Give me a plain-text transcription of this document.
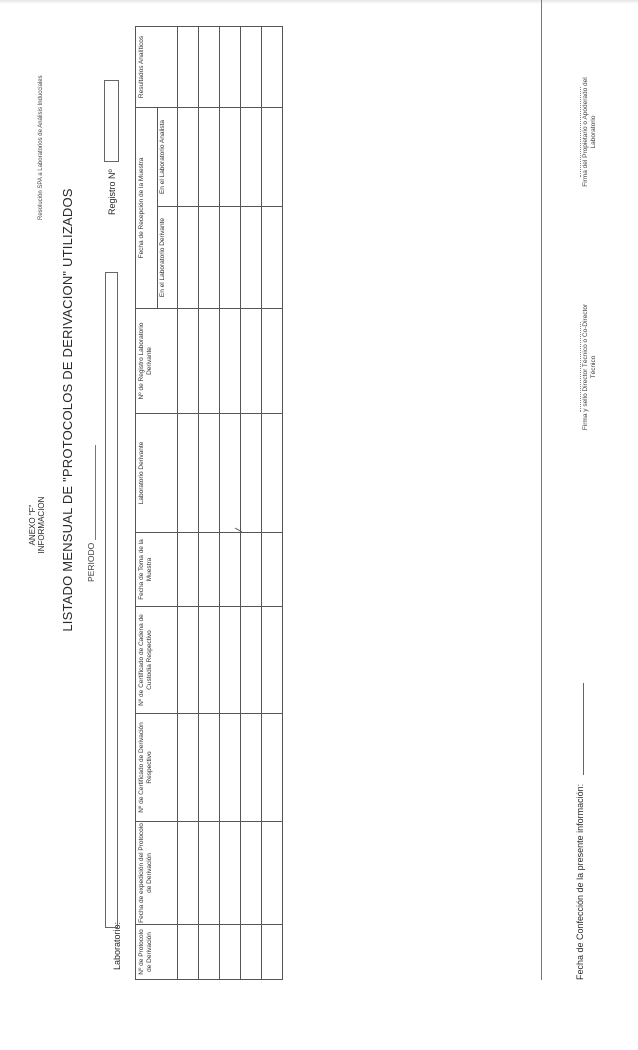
ANEXO "F" INFORMACION
Resolución SPA a Laboratorios de Análisis Inducciales
LISTADO MENSUAL DE "PROTOCOLOS DE DERIVACION" UTILIZADOS PERIODO
Laboratorio:
Registro Nº
Nº de Protocolo de Derivación	Fecha de expedición del Protocolo de Derivación	Nº de Certificado de Derivación Respectivo	Nº de Certificado de Cadena de Custodia Respectivo	Fecha de Toma de la Muestra	Laboratorio Derivante	Nº de Registro Laboratorio Derivante	Fecha de Recepción de la Muestra		Resultados Analíticos
							En el Laboratorio Derivante	En el Laboratorio Analista	

Fecha de Confección de la presente información:
Firma y sello Director Técnico o Co-Director Técnico
Firma del Propietario o Apoderado del Laboratorio
